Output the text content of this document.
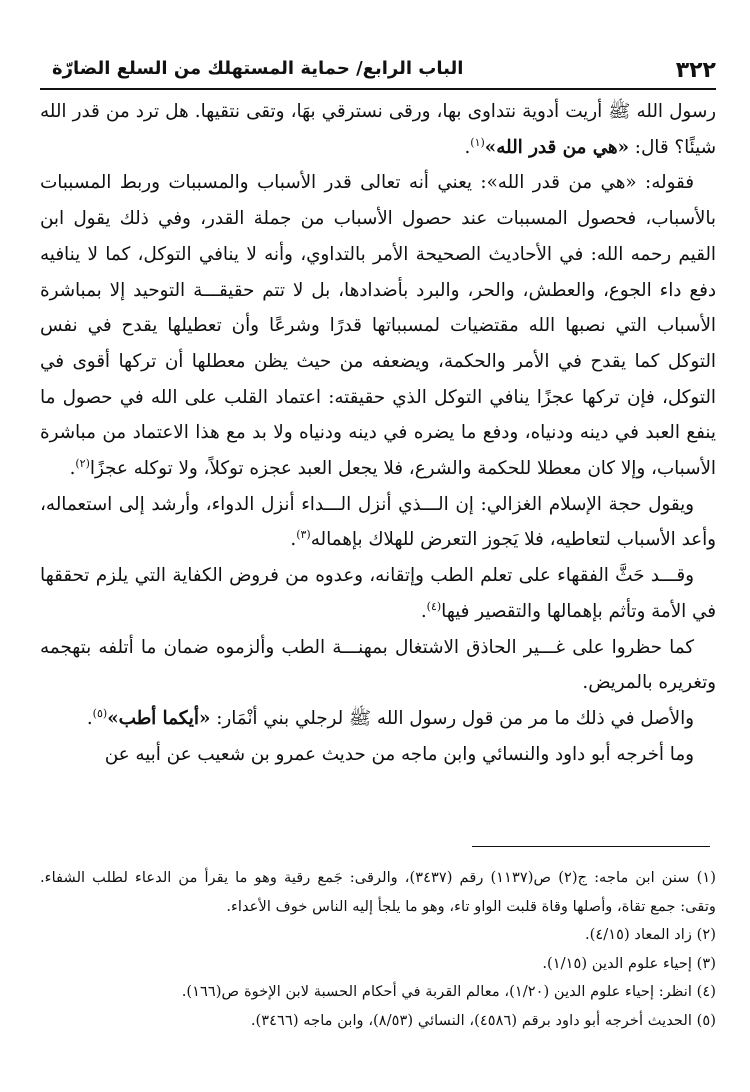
٣٢٢
الباب الرابع/ حماية المستهلك من السلع الضارّة

رسول الله ﷺ أريت أدوية نتداوى بها، ورقى نسترقي بهَا، وتقى نتقيها. هل ترد من قدر الله شيئًا؟ قال: «هي من قدر الله»$^{(١)}$.

فقوله: «هي من قدر الله»: يعني أنه تعالى قدر الأسباب والمسببات وربط المسببات بالأسباب، فحصول المسببات عند حصول الأسباب من جملة القدر، وفي ذلك يقول ابن القيم رحمه الله: في الأحاديث الصحيحة الأمر بالتداوي، وأنه لا ينافي التوكل، كما لا ينافيه دفع داء الجوع، والعطش، والحر، والبرد بأضدادها، بل لا تتم حقيقـــة التوحيد إلا بمباشرة الأسباب التي نصبها الله مقتضيات لمسبباتها قدرًا وشرعًا وأن تعطيلها يقدح في نفس التوكل كما يقدح في الأمر والحكمة، ويضعفه من حيث يظن معطلها أن تركها أقوى في التوكل، فإن تركها عجزًا ينافي التوكل الذي حقيقته: اعتماد القلب على الله في حصول ما ينفع العبد في دينه ودنياه، ودفع ما يضره في دينه ودنياه ولا بد مع هذا الاعتماد من مباشرة الأسباب، وإلا كان معطلا للحكمة والشرع، فلا يجعل العبد عجزه توكلاً، ولا توكله عجزًا$^{(٢)}$.

ويقول حجة الإسلام الغزالي: إن الـــذي أنزل الـــداء أنزل الدواء، وأرشد إلى استعماله، وأعد الأسباب لتعاطيه، فلا يَجوز التعرض للهلاك بإهماله$^{(٣)}$.

وقـــد حَثَّ الفقهاء على تعلم الطب وإتقانه، وعدوه من فروض الكفاية التي يلزم تحققها في الأمة وتأثم بإهمالها والتقصير فيها$^{(٤)}$.

كما حظروا على غـــير الحاذق الاشتغال بمهنـــة الطب وألزموه ضمان ما أتلفه بتهجمه وتغريره بالمريض.

والأصل في ذلك ما مر من قول رسول الله ﷺ لرجلي بني أنْمَار: «أيكما أطب»$^{(٥)}$.

وما أخرجه أبو داود والنسائي وابن ماجه من حديث عمرو بن شعيب عن أبيه عن

(١) سنن ابن ماجه: ج(٢) ص(١١٣٧) رقم (٣٤٣٧)، والرقى: جَمع رقية وهو ما يقرأ من الدعاء لطلب الشفاء. وتقى: جمع تقاة، وأصلها وقاة قلبت الواو تاء، وهو ما يلجأ إليه الناس خوف الأعداء.

(٢) زاد المعاد (٤/١٥).

(٣) إحياء علوم الدين (١/١٥).

(٤) انظر: إحياء علوم الدين (١/٢٠)، معالم القربة في أحكام الحسبة لابن الإخوة ص(١٦٦).

(٥) الحديث أخرجه أبو داود برقم (٤٥٨٦)، النسائي (٨/٥٣)، وابن ماجه (٣٤٦٦).
